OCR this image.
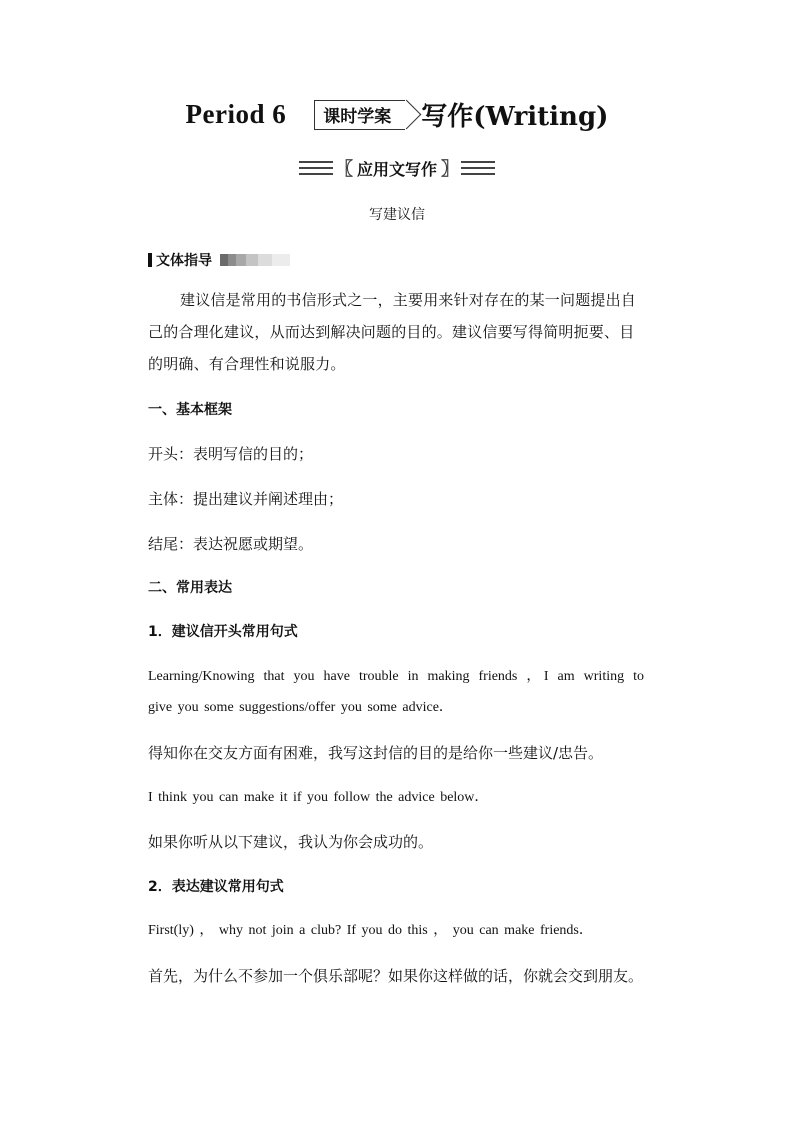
Period 6 课时学案 写作(Writing)
〖 应用文写作 〗
写建议信
文体指导
建议信是常用的书信形式之一，主要用来针对存在的某一问题提出自己的合理化建议，从而达到解决问题的目的。建议信要写得简明扼要、目的明确、有合理性和说服力。
一、基本框架
开头：表明写信的目的；
主体：提出建议并阐述理由；
结尾：表达祝愿或期望。
二、常用表达
1．建议信开头常用句式
Learning/Knowing that you have trouble in making friends ，I am writing to
give you some suggestions/offer you some advice．
得知你在交友方面有困难，我写这封信的目的是给你一些建议/忠告。
I think you can make it if you follow the advice below．
如果你听从以下建议，我认为你会成功的。
2．表达建议常用句式
First(ly) ， why not join a club? If you do this ， you can make friends．
首先，为什么不参加一个俱乐部呢？如果你这样做的话，你就会交到朋友。
